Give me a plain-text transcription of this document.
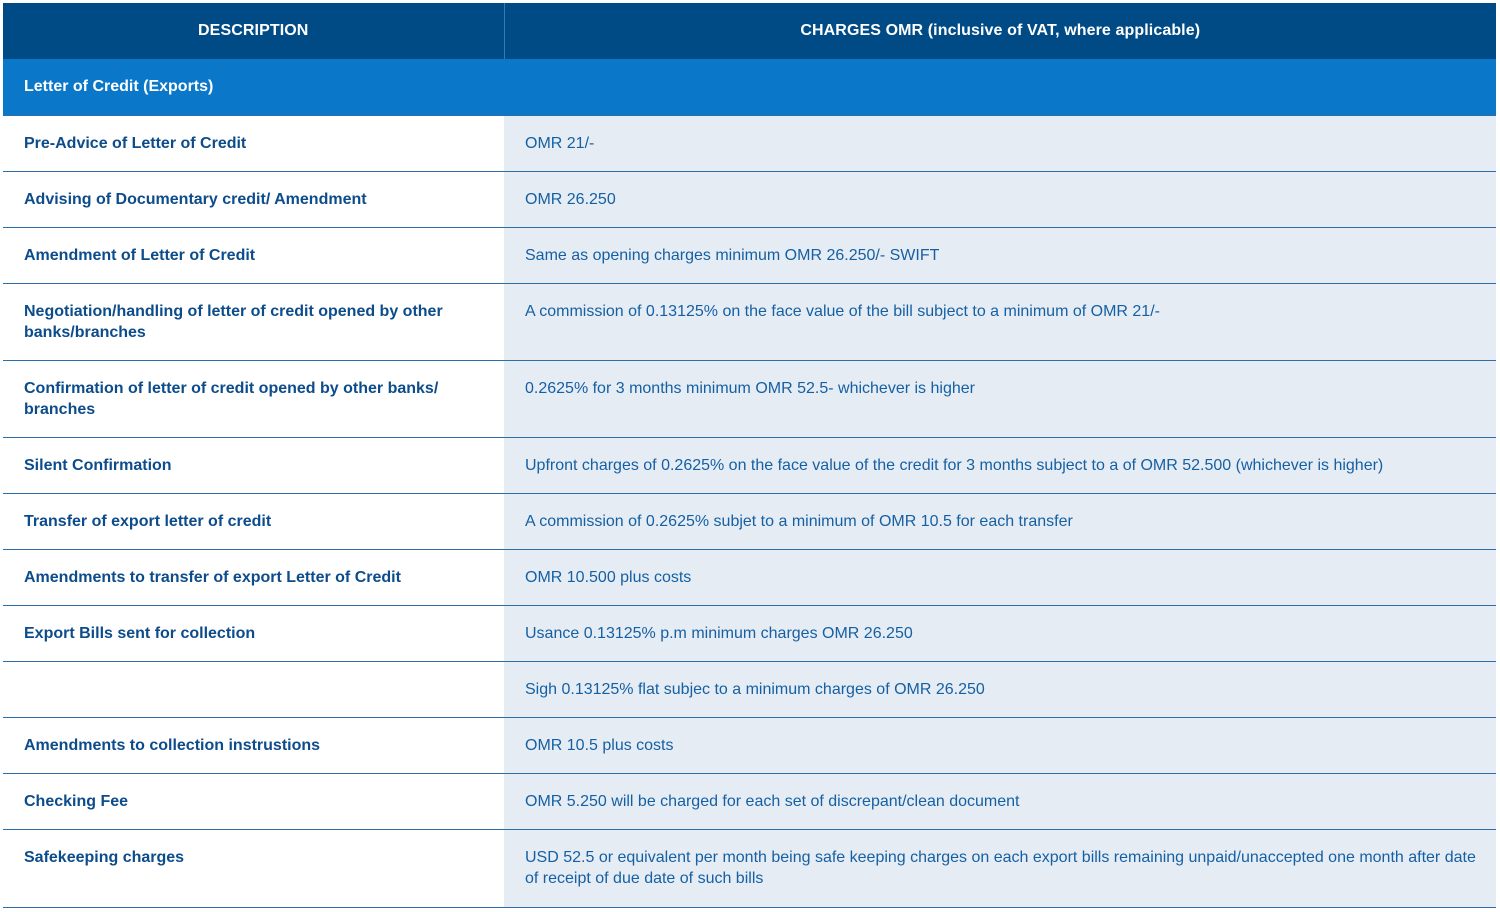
DESCRIPTION	CHARGES OMR (inclusive of VAT, where applicable)
Letter of Credit (Exports)	
Pre-Advice of Letter of Credit	OMR 21/-
Advising of Documentary credit/ Amendment	OMR 26.250
Amendment of Letter of Credit	Same as opening charges minimum OMR 26.250/- SWIFT
Negotiation/handling of letter of credit opened by other banks/branches	A commission of 0.13125% on the face value of the bill subject to a minimum of OMR 21/-
Confirmation of letter of credit opened by other banks/ branches	0.2625% for 3 months minimum OMR 52.5- whichever is higher
Silent Confirmation	Upfront charges of 0.2625% on the face value of the credit for 3 months subject to a of OMR 52.500 (whichever is higher)
Transfer of export letter of credit	A commission of 0.2625% subjet to a minimum of OMR 10.5 for each transfer
Amendments to transfer of export Letter of Credit	OMR 10.500 plus costs
Export Bills sent for collection	Usance 0.13125% p.m minimum charges OMR 26.250
	Sigh 0.13125% flat subjec to a minimum charges of OMR 26.250
Amendments to collection instrustions	OMR 10.5 plus costs
Checking Fee	OMR 5.250 will be charged for each set of discrepant/clean document
Safekeeping charges	USD 52.5 or equivalent per month being safe keeping charges on each export bills remaining unpaid/unaccepted one month after date of receipt of due date of such bills
